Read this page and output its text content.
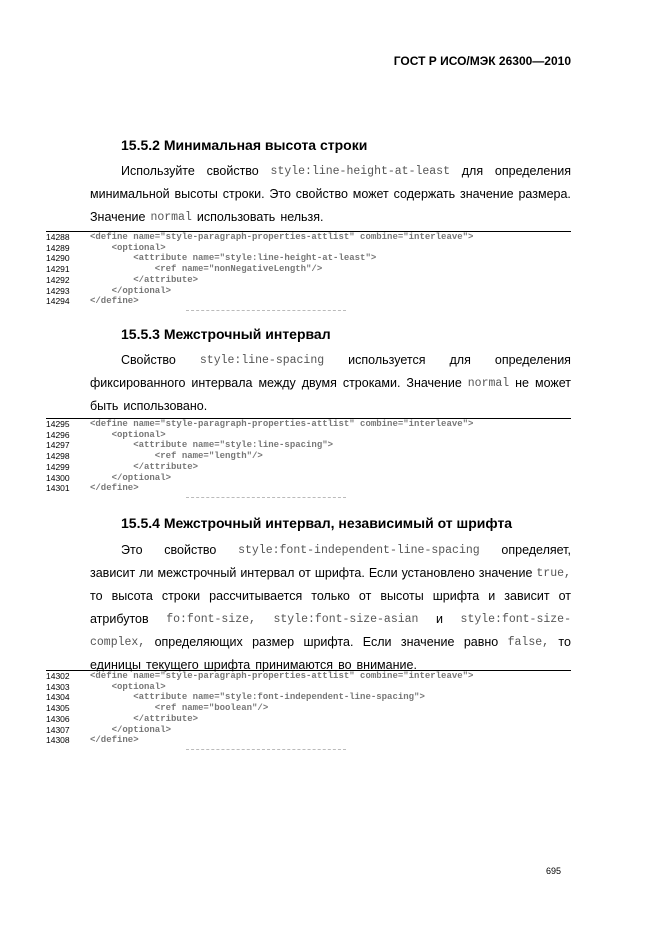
ГОСТ Р ИСО/МЭК 26300—2010
15.5.2 Минимальная высота строки
Используйте свойство style:line-height-at-least для определения
минимальной высоты строки. Это свойство может содержать значение размера.
Значение normal использовать нельзя.
14288	<define name="style-paragraph-properties-attlist" combine="interleave">
14289	<optional>
14290	<attribute name="style:line-height-at-least">
14291	<ref name="nonNegativeLength"/>
14292	</attribute>
14293	</optional>
14294	</define>
15.5.3 Межстрочный интервал
Свойство style:line-spacing используется для определения
фиксированного интервала между двумя строками. Значение normal не может
быть использовано.
14295	<define name="style-paragraph-properties-attlist" combine="interleave">
14296	<optional>
14297	<attribute name="style:line-spacing">
14298	<ref name="length"/>
14299	</attribute>
14300	</optional>
14301	</define>
15.5.4 Межстрочный интервал, независимый от шрифта
Это свойство style:font-independent-line-spacing определяет,
зависит ли межстрочный интервал от шрифта. Если установлено значение true,
то высота строки рассчитывается только от высоты шрифта и зависит от
атрибутов fo:font-size, style:font-size-asian и style:font-size-
complex, определяющих размер шрифта. Если значение равно false, то
единицы текущего шрифта принимаются во внимание.
14302	<define name="style-paragraph-properties-attlist" combine="interleave">
14303	<optional>
14304	<attribute name="style:font-independent-line-spacing">
14305	<ref name="boolean"/>
14306	</attribute>
14307	</optional>
14308	</define>
695
